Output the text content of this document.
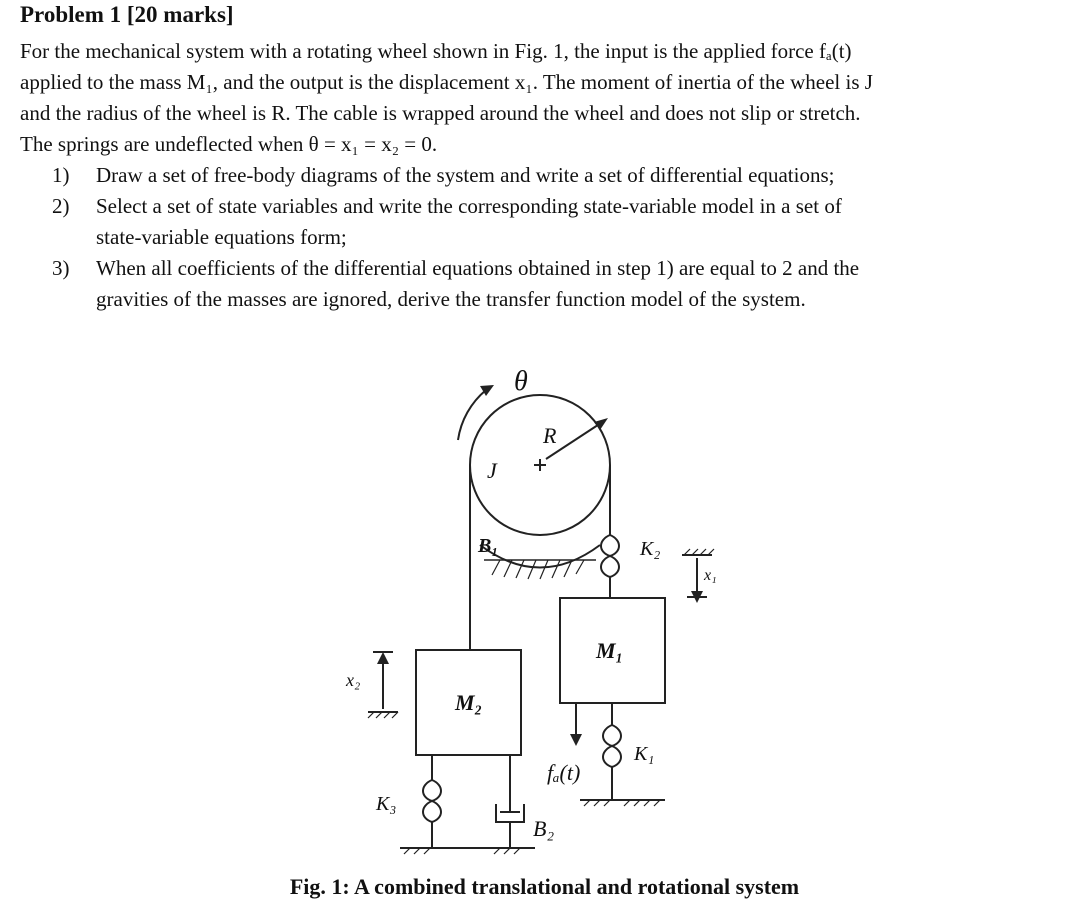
Problem 1 [20 marks]

For the mechanical system with a rotating wheel shown in Fig. 1, the input is the applied force fₐ(t)

applied to the mass M₁, and the output is the displacement x₁. The moment of inertia of the wheel is J

and the radius of the wheel is R. The cable is wrapped around the wheel and does not slip or stretch.

The springs are undeflected when θ = x₁ = x₂ = 0.

1) Draw a set of free-body diagrams of the system and write a set of differential equations;
2) Select a set of state variables and write the corresponding state-variable model in a set of
state-variable equations form;
3) When all coefficients of the differential equations obtained in step 1) are equal to 2 and the
gravities of the masses are ignored, derive the transfer function model of the system.
θ
R
J
B₁	K₂
x₁
M₁
x₂
M₂
fₐ(t)
K₁
K₃
B₂
Fig. 1: A combined translational and rotational system
